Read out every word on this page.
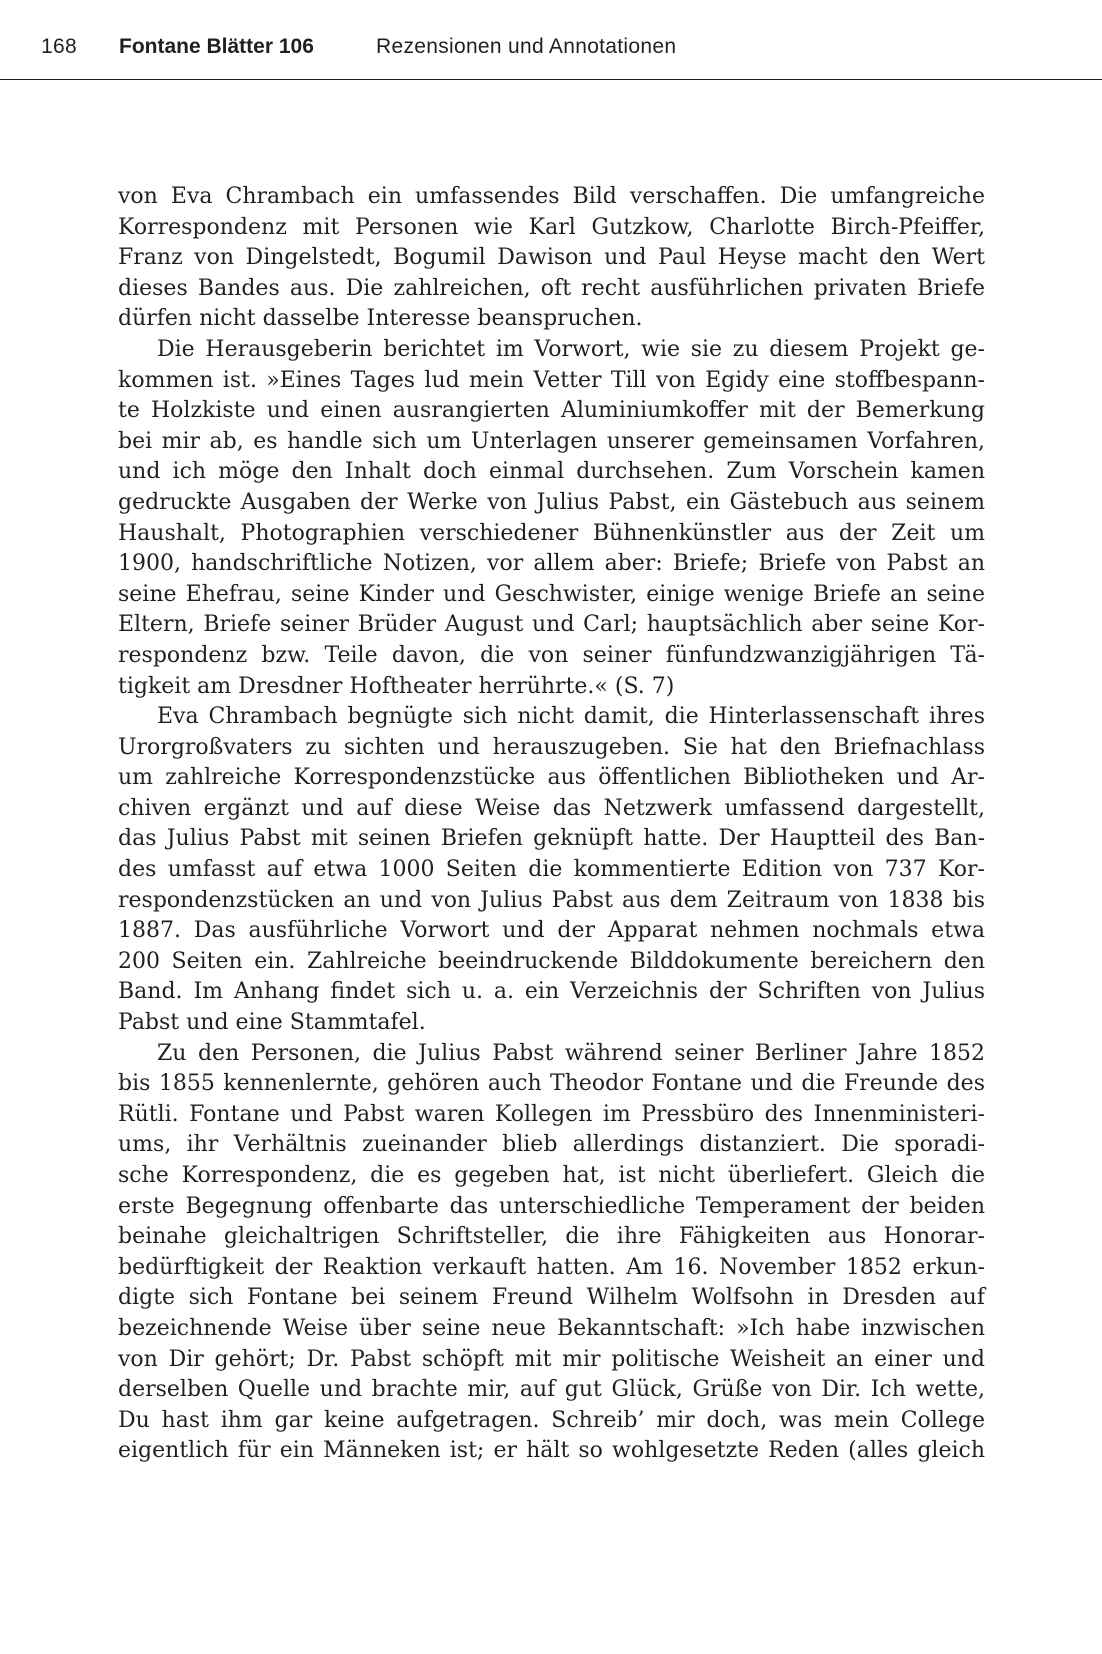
168 Fontane Blätter 106	Rezensionen und Annotationen
von Eva Chrambach ein umfassendes Bild verschaffen. Die umfangreiche
Korrespondenz mit Personen wie Karl Gutzkow, Charlotte Birch-Pfeiffer,
Franz von Dingelstedt, Bogumil Dawison und Paul Heyse macht den Wert
dieses Bandes aus. Die zahlreichen, oft recht ausführlichen privaten Briefe
dürfen nicht dasselbe Interesse beanspruchen.
Die Herausgeberin berichtet im Vorwort, wie sie zu diesem Projekt ge-
kommen ist. »Eines Tages lud mein Vetter Till von Egidy eine stoffbespann-
te Holzkiste und einen ausrangierten Aluminiumkoffer mit der Bemerkung
bei mir ab, es handle sich um Unterlagen unserer gemeinsamen Vorfahren,
und ich möge den Inhalt doch einmal durchsehen. Zum Vorschein kamen
gedruckte Ausgaben der Werke von Julius Pabst, ein Gästebuch aus seinem
Haushalt, Photographien verschiedener Bühnenkünstler aus der Zeit um
1900, handschriftliche Notizen, vor allem aber: Briefe; Briefe von Pabst an
seine Ehefrau, seine Kinder und Geschwister, einige wenige Briefe an seine
Eltern, Briefe seiner Brüder August und Carl; hauptsächlich aber seine Kor-
respondenz bzw. Teile davon, die von seiner fünfundzwanzigjährigen Tä-
tigkeit am Dresdner Hoftheater herrührte.« (S. 7)
Eva Chrambach begnügte sich nicht damit, die Hinterlassenschaft ihres
Urorgroßvaters zu sichten und herauszugeben. Sie hat den Briefnachlass
um zahlreiche Korrespondenzstücke aus öffentlichen Bibliotheken und Ar-
chiven ergänzt und auf diese Weise das Netzwerk umfassend dargestellt,
das Julius Pabst mit seinen Briefen geknüpft hatte. Der Hauptteil des Ban-
des umfasst auf etwa 1000 Seiten die kommentierte Edition von 737 Kor-
respondenzstücken an und von Julius Pabst aus dem Zeitraum von 1838 bis
1887. Das ausführliche Vorwort und der Apparat nehmen nochmals etwa
200 Seiten ein. Zahlreiche beeindruckende Bilddokumente bereichern den
Band. Im Anhang findet sich u. a. ein Verzeichnis der Schriften von Julius
Pabst und eine Stammtafel.
Zu den Personen, die Julius Pabst während seiner Berliner Jahre 1852
bis 1855 kennenlernte, gehören auch Theodor Fontane und die Freunde des
Rütli. Fontane und Pabst waren Kollegen im Pressbüro des Innenministeri-
ums, ihr Verhältnis zueinander blieb allerdings distanziert. Die sporadi-
sche Korrespondenz, die es gegeben hat, ist nicht überliefert. Gleich die
erste Begegnung offenbarte das unterschiedliche Temperament der beiden
beinahe gleichaltrigen Schriftsteller, die ihre Fähigkeiten aus Honorar-
bedürftigkeit der Reaktion verkauft hatten. Am 16. November 1852 erkun-
digte sich Fontane bei seinem Freund Wilhelm Wolfsohn in Dresden auf
bezeichnende Weise über seine neue Bekanntschaft: »Ich habe inzwischen
von Dir gehört; Dr. Pabst schöpft mit mir politische Weisheit an einer und
derselben Quelle und brachte mir, auf gut Glück, Grüße von Dir. Ich wette,
Du hast ihm gar keine aufgetragen. Schreib’ mir doch, was mein College
eigentlich für ein Männeken ist; er hält so wohlgesetzte Reden (alles gleich
